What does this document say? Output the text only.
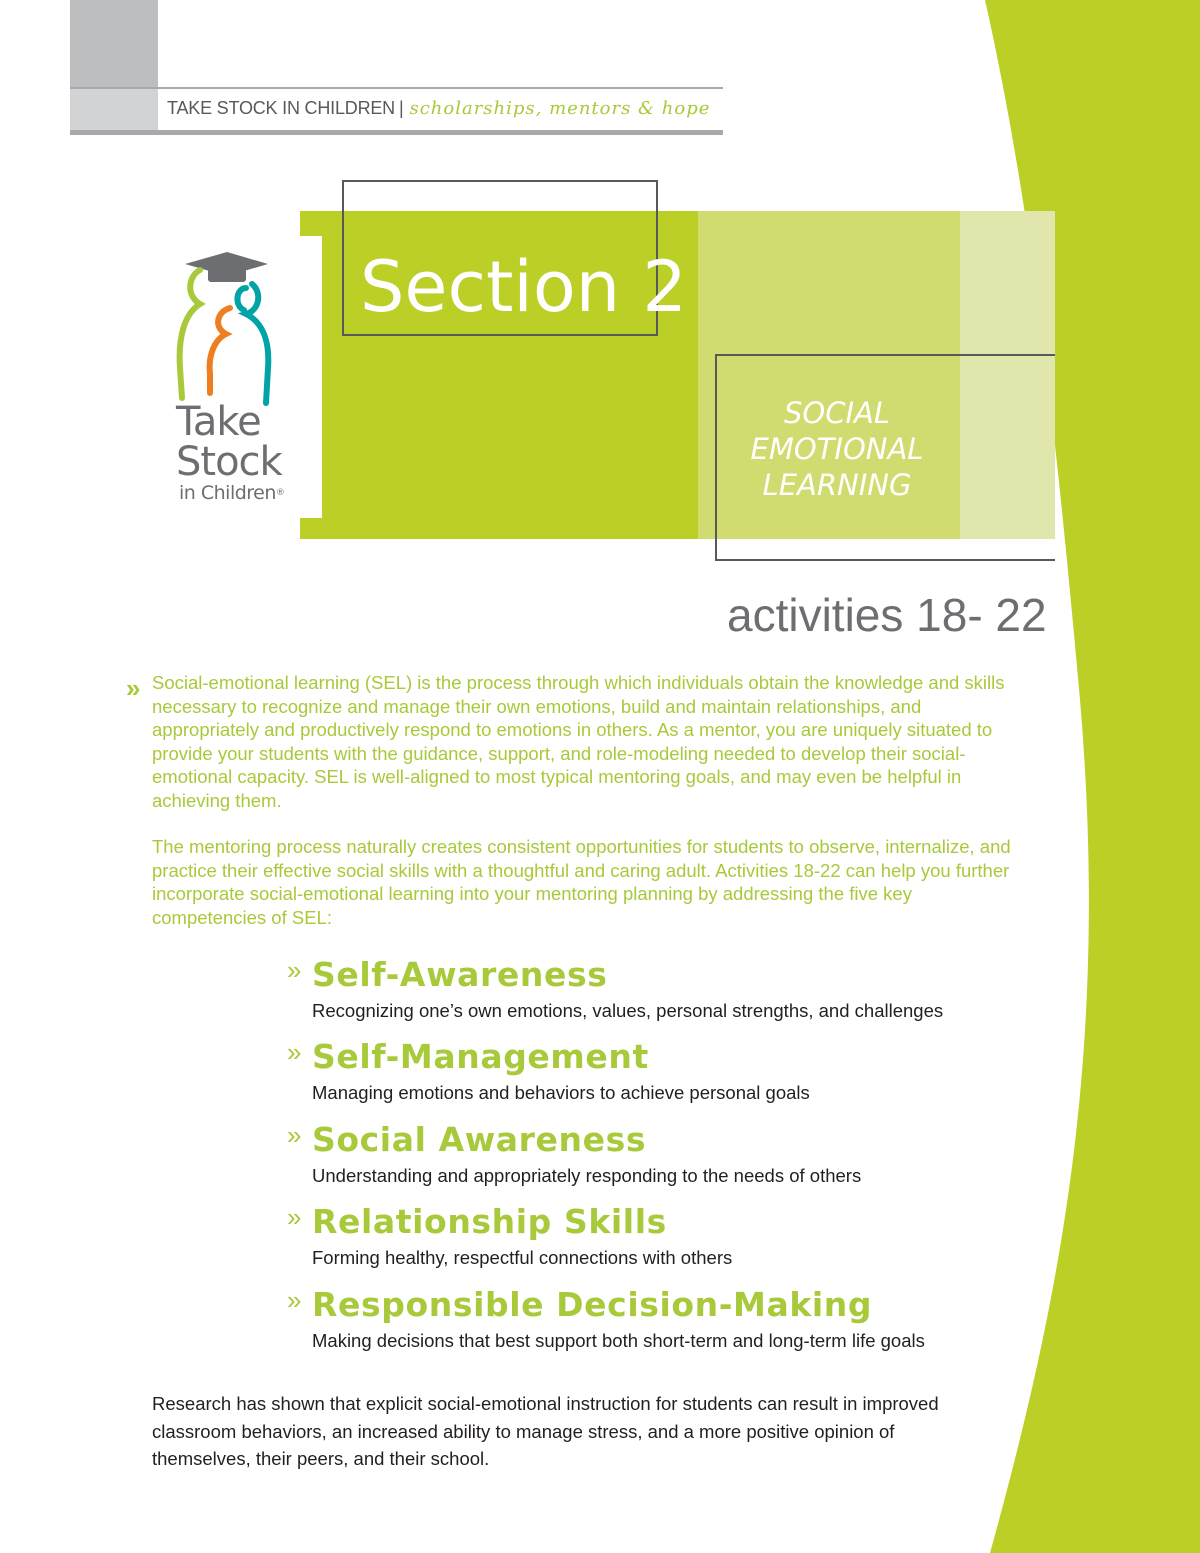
TAKE STOCK IN CHILDREN | scholarships, mentors & hope
Section 2
SOCIAL
EMOTIONAL
LEARNING
Take
Stock
in Children®
activities 18- 22
» Social-emotional learning (SEL) is the process through which individuals obtain the knowledge and skills necessary to recognize and manage their own emotions, build and maintain relationships, and appropriately and productively respond to emotions in others. As a mentor, you are uniquely situated to provide your students with the guidance, support, and role-modeling needed to develop their social-emotional capacity. SEL is well-aligned to most typical mentoring goals, and may even be helpful in achieving them.
The mentoring process naturally creates consistent opportunities for students to observe, internalize, and practice their effective social skills with a thoughtful and caring adult. Activities 18-22 can help you further incorporate social-emotional learning into your mentoring planning by addressing the five key competencies of SEL:
» Self-Awareness
Recognizing one’s own emotions, values, personal strengths, and challenges
» Self-Management
Managing emotions and behaviors to achieve personal goals
» Social Awareness
Understanding and appropriately responding to the needs of others
» Relationship Skills
Forming healthy, respectful connections with others
» Responsible Decision-Making
Making decisions that best support both short-term and long-term life goals
Research has shown that explicit social-emotional instruction for students can result in improved classroom behaviors, an increased ability to manage stress, and a more positive opinion of themselves, their peers, and their school.
